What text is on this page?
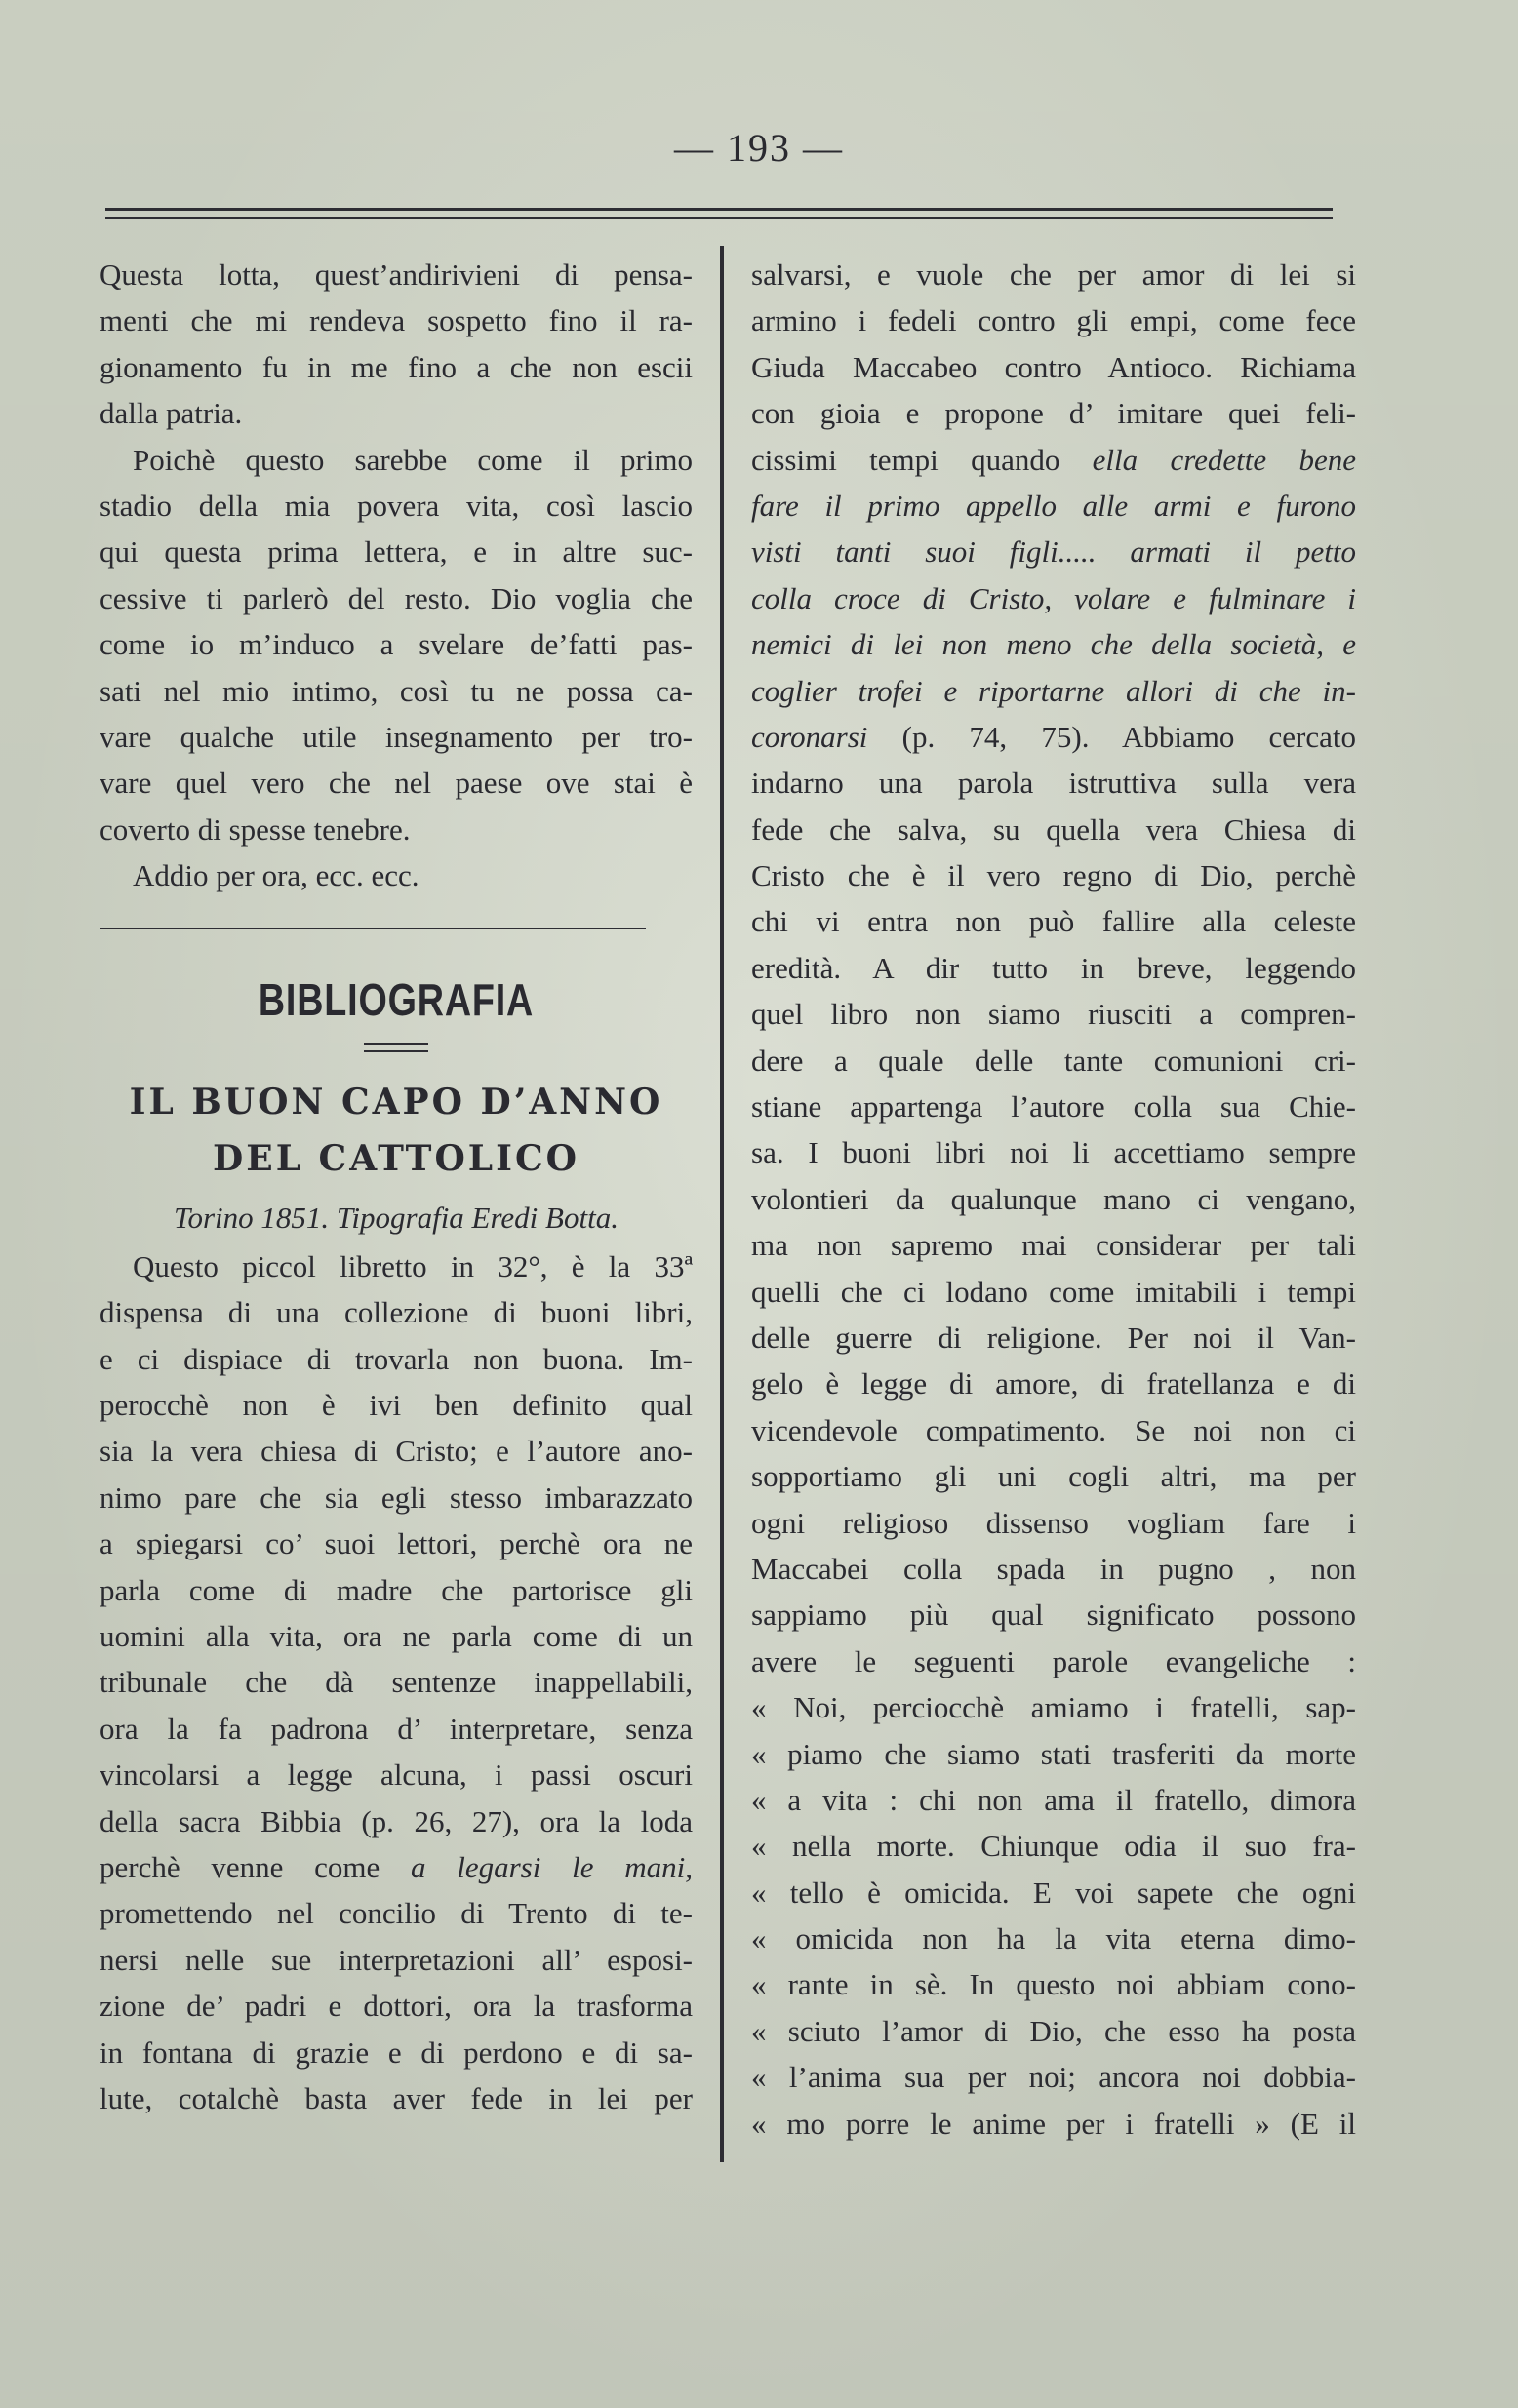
— 193 —
Questa lotta, quest’andirivieni di pensa-
menti che mi rendeva sospetto fino il ra-
gionamento fu in me fino a che non escii
dalla patria.
Poichè questo sarebbe come il primo
stadio della mia povera vita, così lascio
qui questa prima lettera, e in altre suc-
cessive ti parlerò del resto. Dio voglia che
come io m’induco a svelare de’fatti pas-
sati nel mio intimo, così tu ne possa ca-
vare qualche utile insegnamento per tro-
vare quel vero che nel paese ove stai è
coverto di spesse tenebre.
Addio per ora, ecc. ecc.
BIBLIOGRAFIA
IL BUON CAPO D’ANNO
DEL CATTOLICO
Torino 1851. Tipografia Eredi Botta.
Questo piccol libretto in 32°, è la 33ª
dispensa di una collezione di buoni libri,
e ci dispiace di trovarla non buona. Im-
perocchè non è ivi ben definito qual
sia la vera chiesa di Cristo; e l’autore ano-
nimo pare che sia egli stesso imbarazzato
a spiegarsi co’ suoi lettori, perchè ora ne
parla come di madre che partorisce gli
uomini alla vita, ora ne parla come di un
tribunale che dà sentenze inappellabili,
ora la fa padrona d’ interpretare, senza
vincolarsi a legge alcuna, i passi oscuri
della sacra Bibbia (p. 26, 27), ora la loda
perchè venne come a legarsi le mani,
promettendo nel concilio di Trento di te-
nersi nelle sue interpretazioni all’ esposi-
zione de’ padri e dottori, ora la trasforma
in fontana di grazie e di perdono e di sa-
lute, cotalchè basta aver fede in lei per
salvarsi, e vuole che per amor di lei si
armino i fedeli contro gli empi, come fece
Giuda Maccabeo contro Antioco. Richiama
con gioia e propone d’ imitare quei feli-
cissimi tempi quando ella credette bene
fare il primo appello alle armi e furono
visti tanti suoi figli..... armati il petto
colla croce di Cristo, volare e fulminare i
nemici di lei non meno che della società, e
coglier trofei e riportarne allori di che in-
coronarsi (p. 74, 75). Abbiamo cercato
indarno una parola istruttiva sulla vera
fede che salva, su quella vera Chiesa di
Cristo che è il vero regno di Dio, perchè
chi vi entra non può fallire alla celeste
eredità. A dir tutto in breve, leggendo
quel libro non siamo riusciti a compren-
dere a quale delle tante comunioni cri-
stiane appartenga l’autore colla sua Chie-
sa. I buoni libri noi li accettiamo sempre
volontieri da qualunque mano ci vengano,
ma non sapremo mai considerar per tali
quelli che ci lodano come imitabili i tempi
delle guerre di religione. Per noi il Van-
gelo è legge di amore, di fratellanza e di
vicendevole compatimento. Se noi non ci
sopportiamo gli uni cogli altri, ma per
ogni religioso dissenso vogliam fare i
Maccabei colla spada in pugno , non
sappiamo più qual significato possono
avere le seguenti parole evangeliche :
« Noi, perciocchè amiamo i fratelli, sap-
« piamo che siamo stati trasferiti da morte
« a vita : chi non ama il fratello, dimora
« nella morte. Chiunque odia il suo fra-
« tello è omicida. E voi sapete che ogni
« omicida non ha la vita eterna dimo-
« rante in sè. In questo noi abbiam cono-
« sciuto l’amor di Dio, che esso ha posta
« l’anima sua per noi; ancora noi dobbia-
« mo porre le anime per i fratelli » (E il
